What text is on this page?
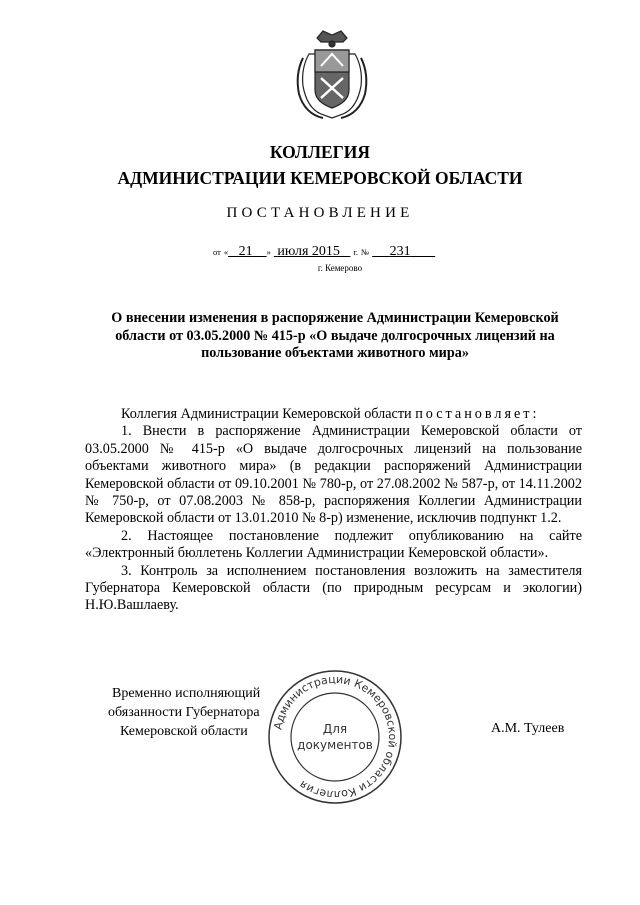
КОЛЛЕГИЯ
АДМИНИСТРАЦИИ КЕМЕРОВСКОЙ ОБЛАСТИ
ПОСТАНОВЛЕНИЕ
от « 21 » июля 2015 г. № 231
г. Кемерово
О внесении изменения в распоряжение Администрации Кемеровской области от 03.05.2000 № 415-р «О выдаче долгосрочных лицензий на пользование объектами животного мира»

Коллегия Администрации Кемеровской области постановляет:

1. Внести в распоряжение Администрации Кемеровской области от 03.05.2000 № 415-р «О выдаче долгосрочных лицензий на пользование объектами животного мира» (в редакции распоряжений Администрации Кемеровской области от 09.10.2001 № 780-р, от 27.08.2002 № 587-р, от 14.11.2002 № 750-р, от 07.08.2003 № 858-р, распоряжения Коллегии Администрации Кемеровской области от 13.01.2010 № 8-р) изменение, исключив подпункт 1.2.

2. Настоящее постановление подлежит опубликованию на сайте «Электронный бюллетень Коллегии Администрации Кемеровской области».

3. Контроль за исполнением постановления возложить на заместителя Губернатора Кемеровской области (по природным ресурсам и экологии) Н.Ю.Вашлаеву.

Временно исполняющий
обязанности Губернатора
Кемеровской области	А.М. Тулеев
Администрации Кемеровской области Коллегия
Для
документов
